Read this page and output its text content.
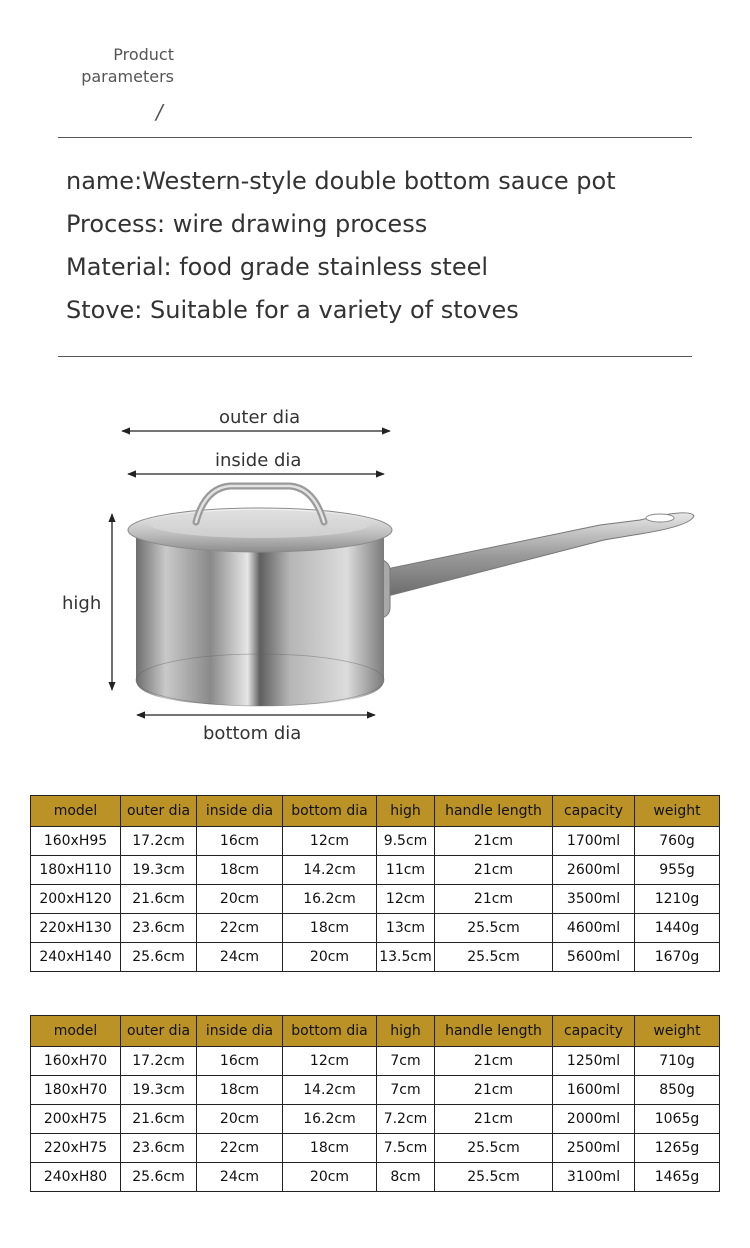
Product
parameters
/
name:Western-style double bottom sauce pot
Process: wire drawing process
Material: food grade stainless steel
Stove: Suitable for a variety of stoves
outer dia
inside dia
high
bottom dia
model	outer dia	inside dia	bottom dia	high	handle length	capacity	weight
160xH95	17.2cm	16cm	12cm	9.5cm	21cm	1700ml	760g
180xH110	19.3cm	18cm	14.2cm	11cm	21cm	2600ml	955g
200xH120	21.6cm	20cm	16.2cm	12cm	21cm	3500ml	1210g
220xH130	23.6cm	22cm	18cm	13cm	25.5cm	4600ml	1440g
240xH140	25.6cm	24cm	20cm	13.5cm	25.5cm	5600ml	1670g
model	outer dia	inside dia	bottom dia	high	handle length	capacity	weight
160xH70	17.2cm	16cm	12cm	7cm	21cm	1250ml	710g
180xH70	19.3cm	18cm	14.2cm	7cm	21cm	1600ml	850g
200xH75	21.6cm	20cm	16.2cm	7.2cm	21cm	2000ml	1065g
220xH75	23.6cm	22cm	18cm	7.5cm	25.5cm	2500ml	1265g
240xH80	25.6cm	24cm	20cm	8cm	25.5cm	3100ml	1465g
